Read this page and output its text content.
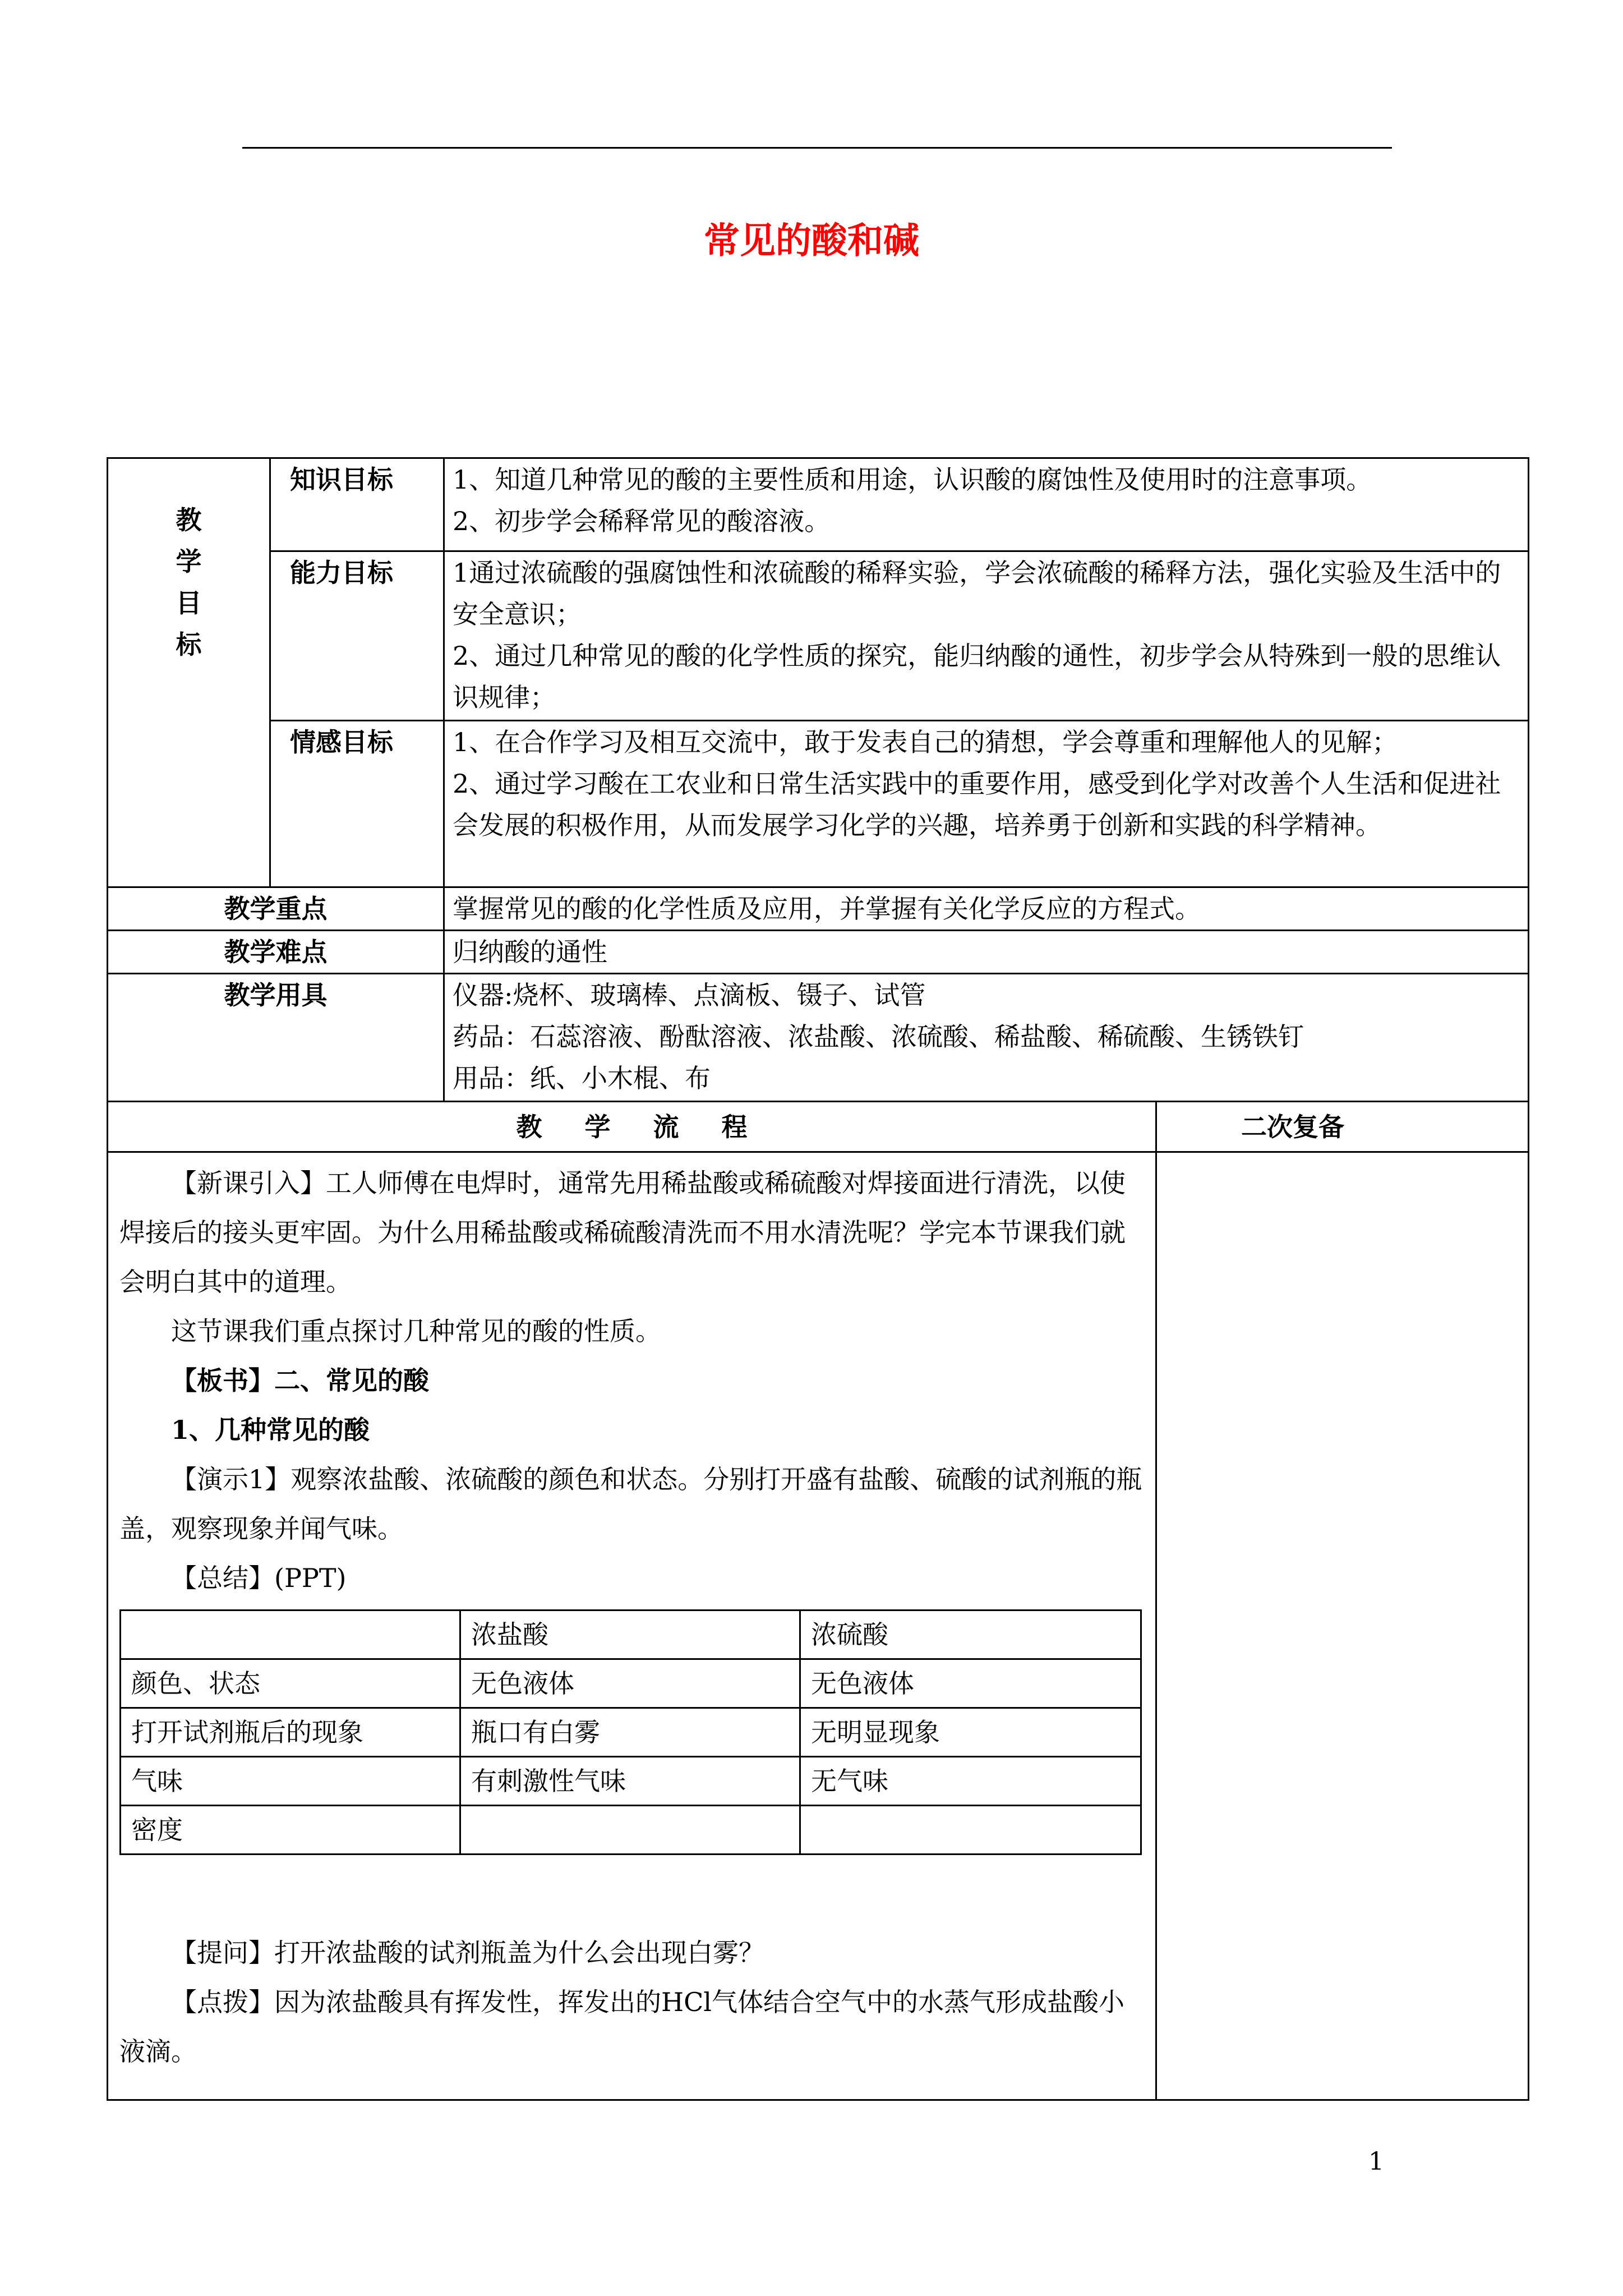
常见的酸和碱
教
学
目
标
	知识目标	1、知道几种常见的酸的主要性质和用途，认识酸的腐蚀性及使用时的注意事项。
2、初步学会稀释常见的酸溶液。

能力目标	1通过浓硫酸的强腐蚀性和浓硫酸的稀释实验，学会浓硫酸的稀释方法，强化实验及生活中的安全意识；
2、通过几种常见的酸的化学性质的探究，能归纳酸的通性，初步学会从特殊到一般的思维认识规律；

情感目标	1、在合作学习及相互交流中，敢于发表自己的猜想，学会尊重和理解他人的见解；
2、通过学习酸在工农业和日常生活实践中的重要作用，感受到化学对改善个人生活和促进社会发展的积极作用，从而发展学习化学的兴趣，培养勇于创新和实践的科学精神。

教学重点	掌握常见的酸的化学性质及应用，并掌握有关化学反应的方程式。
教学难点	归纳酸的通性
教学用具	仪器:烧杯、玻璃棒、点滴板、镊子、试管
药品：石蕊溶液、酚酞溶液、浓盐酸、浓硫酸、稀盐酸、稀硫酸、生锈铁钉
用品：纸、小木棍、布

教 学 流 程	二次复备

【新课引入】工人师傅在电焊时，通常先用稀盐酸或稀硫酸对焊接面进行清洗，以使焊接后的接头更牢固。为什么用稀盐酸或稀硫酸清洗而不用水清洗呢？学完本节课我们就会明白其中的道理。

这节课我们重点探讨几种常见的酸的性质。

【板书】二、常见的酸

1、几种常见的酸

【演示1】观察浓盐酸、浓硫酸的颜色和状态。分别打开盛有盐酸、硫酸的试剂瓶的瓶盖，观察现象并闻气味。

【总结】(PPT)

	浓盐酸	浓硫酸
颜色、状态	无色液体	无色液体
打开试剂瓶后的现象	瓶口有白雾	无明显现象
气味	有刺激性气味	无气味
密度		

【提问】打开浓盐酸的试剂瓶盖为什么会出现白雾？

【点拨】因为浓盐酸具有挥发性，挥发出的HCl气体结合空气中的水蒸气形成盐酸小液滴。

1
